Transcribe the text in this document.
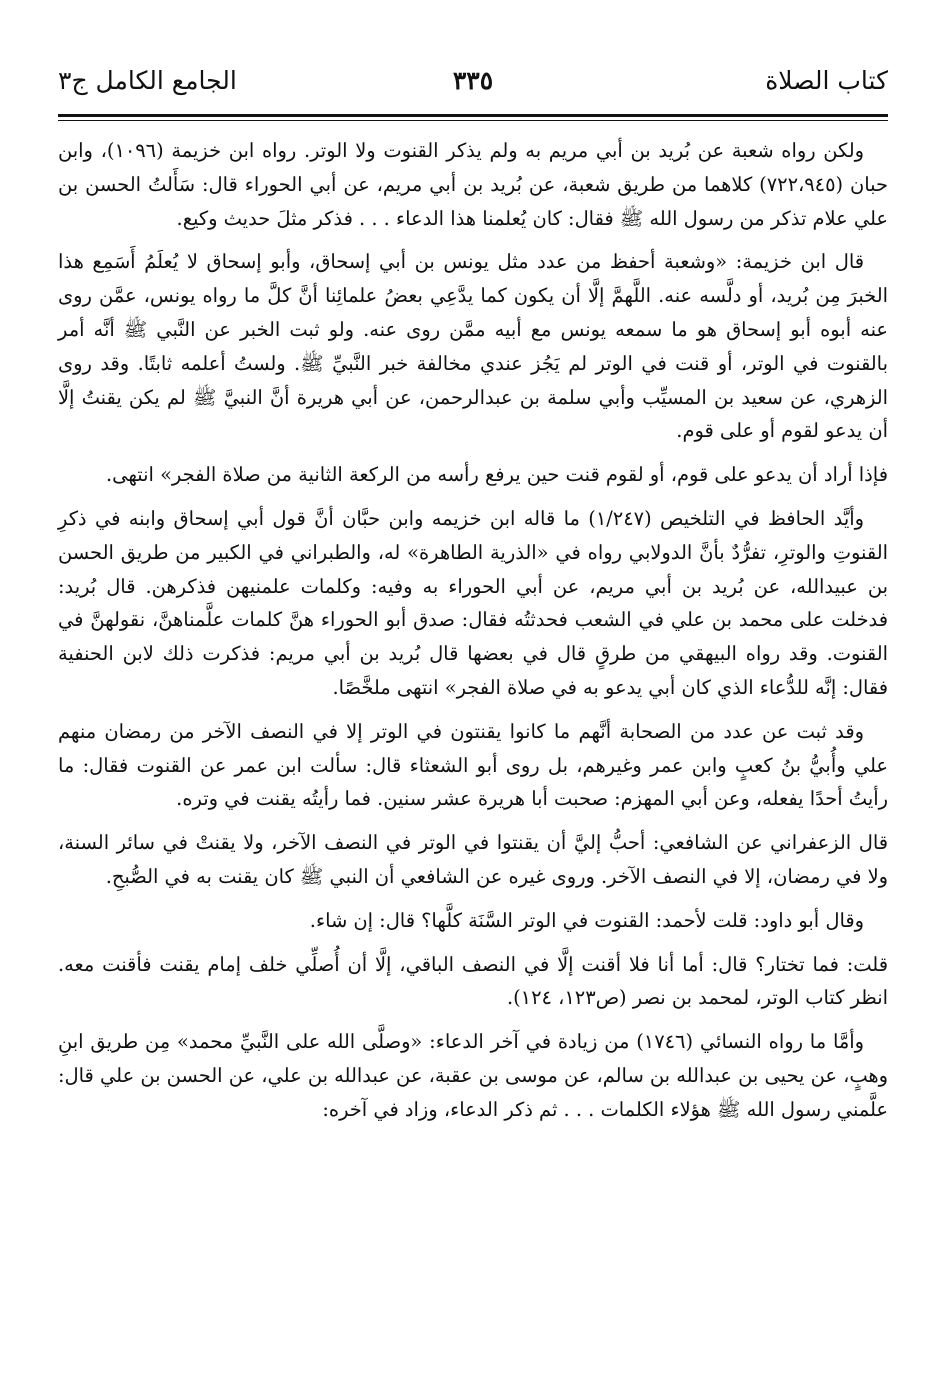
كتاب الصلاة
٣٣٥
الجامع الكامل ج٣

ولكن رواه شعبة عن بُريد بن أبي مريم به ولم يذكر القنوت ولا الوتر. رواه ابن خزيمة (١٠٩٦)، وابن حبان (٧٢٢،٩٤٥) كلاهما من طريق شعبة، عن بُريد بن أبي مريم، عن أبي الحوراء قال: سَأَلتُ الحسن بن علي علام تذكر من رسول الله ﷺ فقال: كان يُعلمنا هذا الدعاء . . . فذكر مثلَ حديث وكيع.

قال ابن خزيمة: «وشعبة أحفظ من عدد مثل يونس بن أبي إسحاق، وأبو إسحاق لا يُعلَمُ أَسَمِع هذا الخبرَ مِن بُريد، أو دلَّسه عنه. اللَّهمَّ إلَّا أن يكون كما يدَّعِي بعضُ علمائِنا أنَّ كلَّ ما رواه يونس، عمَّن روى عنه أبوه أبو إسحاق هو ما سمعه يونس مع أبيه ممَّن روى عنه. ولو ثبت الخبر عن النَّبي ﷺ أنَّه أمر بالقنوت في الوتر، أو قنت في الوتر لم يَجُز عندي مخالفة خبر النَّبيِّ ﷺ. ولستُ أعلمه ثابتًا. وقد روى الزهري، عن سعيد بن المسيِّب وأبي سلمة بن عبدالرحمن، عن أبي هريرة أنَّ النبيَّ ﷺ لم يكن يقنتُ إلَّا أن يدعو لقوم أو على قوم.

فإذا أراد أن يدعو على قوم، أو لقوم قنت حين يرفع رأسه من الركعة الثانية من صلاة الفجر» انتهى.

وأيَّد الحافظ في التلخيص (١/٢٤٧) ما قاله ابن خزيمه وابن حبَّان أنَّ قول أبي إسحاق وابنه في ذكرِ القنوتِ والوترِ، تفرُّدٌ بأنَّ الدولابي رواه في «الذرية الطاهرة» له، والطبراني في الكبير من طريق الحسن بن عبيدالله، عن بُريد بن أبي مريم، عن أبي الحوراء به وفيه: وكلمات علمنيهن فذكرهن. قال بُريد: فدخلت على محمد بن علي في الشعب فحدثتُه فقال: صدق أبو الحوراء هنَّ كلمات علَّمناهنَّ، نقولهنَّ في القنوت. وقد رواه البيهقي من طرقٍ قال في بعضها قال بُريد بن أبي مريم: فذكرت ذلك لابن الحنفية فقال: إنَّه للدُّعاء الذي كان أبي يدعو به في صلاة الفجر» انتهى ملخَّصًا.

وقد ثبت عن عدد من الصحابة أنَّهم ما كانوا يقنتون في الوتر إلا في النصف الآخر من رمضان منهم علي وأُبيُّ بنُ كعبٍ وابن عمر وغيرهم، بل روى أبو الشعثاء قال: سألت ابن عمر عن القنوت فقال: ما رأيتُ أحدًا يفعله، وعن أبي المهزم: صحبت أبا هريرة عشر سنين. فما رأيتُه يقنت في وتره.

قال الزعفراني عن الشافعي: أحبُّ إليَّ أن يقنتوا في الوتر في النصف الآخر، ولا يقنتْ في سائر السنة، ولا في رمضان، إلا في النصف الآخر. وروى غيره عن الشافعي أن النبي ﷺ كان يقنت به في الصُّبحِ.

وقال أبو داود: قلت لأحمد: القنوت في الوتر السَّنَة كلَّها؟ قال: إن شاء.

قلت: فما تختار؟ قال: أما أنا فلا أقنت إلَّا في النصف الباقي، إلَّا أن أُصلِّي خلف إمام يقنت فأقنت معه. انظر كتاب الوتر، لمحمد بن نصر (ص١٢٣، ١٢٤).

وأمَّا ما رواه النسائي (١٧٤٦) من زيادة في آخر الدعاء: «وصلَّى الله على النَّبيِّ محمد» مِن طريق ابنِ وهبٍ، عن يحيى بن عبدالله بن سالم، عن موسى بن عقبة، عن عبدالله بن علي، عن الحسن بن علي قال: علَّمني رسول الله ﷺ هؤلاء الكلمات . . . ثم ذكر الدعاء، وزاد في آخره:
